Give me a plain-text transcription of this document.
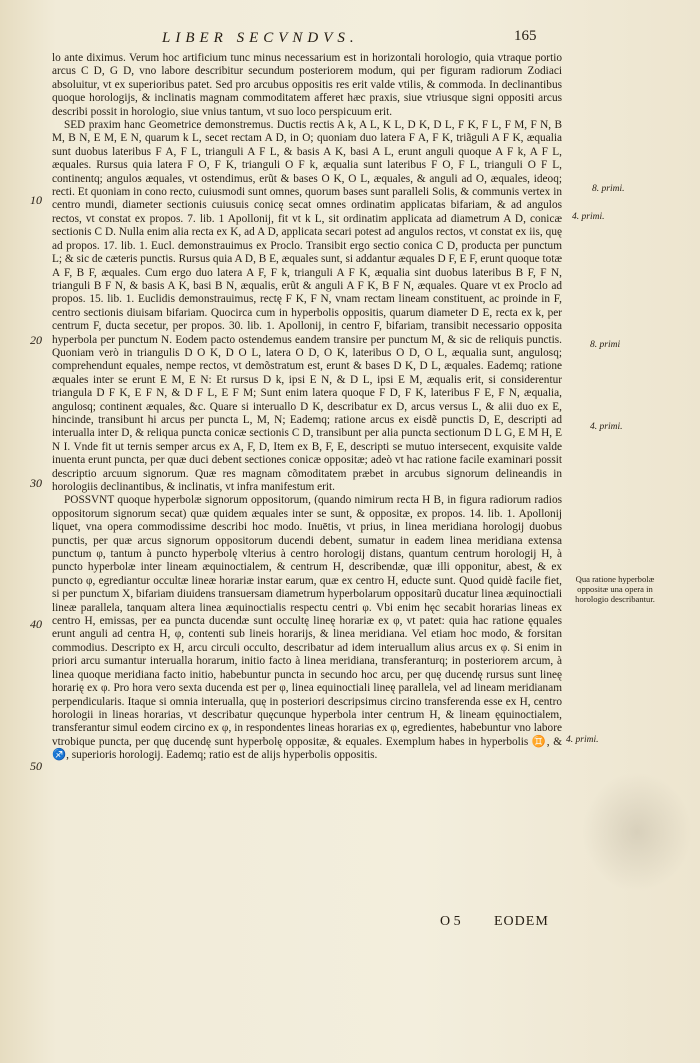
LIBER SECVNDVS.	165

lo ante diximus. Verum hoc artificium tunc minus necessarium est in horizontali horologio, quia vtraque portio arcus C D, G D, vno labore describitur secundum posteriorem modum, qui per figuram radiorum Zodiaci absoluitur, vt ex superioribus patet. Sed pro arcubus oppositis res erit valde vtilis, & commoda. In declinantibus quoque horologijs, & inclinatis magnam commoditatem afferet hæc praxis, siue vtriusque signi oppositi arcus describi possit in horologio, siue vnius tantum, vt suo loco perspicuum erit.

SED praxim hanc Geometrice demonstremus. Ductis rectis A k, A L, K L, D K, D L, F K, F L, F M, F N, B M, B N, E M, E N, quarum k L, secet rectam A D, in O; quoniam duo latera F A, F K, triãguli A F K, æqualia sunt duobus lateribus F A, F L, trianguli A F L, & basis A K, basi A L, erunt anguli quoque A F k, A F L, æquales. Rursus quia latera F O, F K, trianguli O F k, æqualia sunt lateribus F O, F L, trianguli O F L, continentq; angulos æquales, vt ostendimus, erũt & bases O K, O L, æquales, & anguli ad O, æquales, ideoq; recti. Et quoniam in cono recto, cuiusmodi sunt omnes, quorum bases sunt paralleli Solis, & communis vertex in centro mundi, diameter sectionis cuiusuis conicę secat omnes ordinatim applicatas bifariam, & ad angulos rectos, vt constat ex propos. 7. lib. 1 Apollonij, fit vt k L, sit ordinatim applicata ad diametrum A D, conicæ sectionis C D. Nulla enim alia recta ex K, ad A D, applicata secari potest ad angulos rectos, vt constat ex iis, quę ad propos. 17. lib. 1. Eucl. demonstrauimus ex Proclo. Transibit ergo sectio conica C D, producta per punctum L; & sic de cæteris punctis. Rursus quia A D, B E, æquales sunt, si addantur æquales D F, E F, erunt quoque totæ A F, B F, æquales. Cum ergo duo latera A F, F k, trianguli A F K, æqualia sint duobus lateribus B F, F N, trianguli B F N, & basis A K, basi B N, æqualis, erũt & anguli A F K, B F N, æquales. Quare vt ex Proclo ad propos. 15. lib. 1. Euclidis demonstrauimus, rectę F K, F N, vnam rectam lineam constituent, ac proinde in F, centro sectionis diuisam bifariam. Quocirca cum in hyperbolis oppositis, quarum diameter D E, recta ex k, per centrum F, ducta secetur, per propos. 30. lib. 1. Apollonij, in centro F, bifariam, transibit necessario opposita hyperbola per punctum N. Eodem pacto ostendemus eandem transire per punctum M, & sic de reliquis punctis. Quoniam verò in triangulis D O K, D O L, latera O D, O K, lateribus O D, O L, æqualia sunt, angulosq; comprehendunt equales, nempe rectos, vt demõstratum est, erunt & bases D K, D L, æquales. Eademq; ratione æquales inter se erunt E M, E N: Et rursus D k, ipsi E N, & D L, ipsi E M, æqualis erit, si considerentur triangula D F K, E F N, & D F L, E F M; Sunt enim latera quoque F D, F K, lateribus F E, F N, æqualia, angulosq; continent æquales, &c. Quare si interuallo D K, describatur ex D, arcus versus L, & alii duo ex E, hincinde, transibunt hi arcus per puncta L, M, N; Eademq; ratione arcus ex eisdẽ punctis D, E, descripti ad interualla inter D, & reliqua puncta conicæ sectionis C D, transibunt per alia puncta sectionum D L G, E M H, E N I. Vnde fit ut ternis semper arcus ex A, F, D, Item ex B, F, E, descripti se mutuo intersecent, exquisite valde inuenta erunt puncta, per quæ duci debent sectiones conicæ oppositæ; adeò vt hac ratione facile examinari possit descriptio arcuum signorum. Quæ res magnam cõmoditatem præbet in arcubus signorum delineandis in horologiis declinantibus, & inclinatis, vt infra manifestum erit.

POSSVNT quoque hyperbolæ signorum oppositorum, (quando nimirum recta H B, in figura radiorum radios oppositorum signorum secat) quæ quidem æquales inter se sunt, & oppositæ, ex propos. 14. lib. 1. Apollonij liquet, vna opera commodissime describi hoc modo. Inuētis, vt prius, in linea meridiana horologij duobus punctis, per quæ arcus signorum oppositorum ducendi debent, sumatur in eadem linea meridiana extensa punctum φ, tantum à puncto hyperbolę vlterius à centro horologij distans, quantum centrum horologij H, à puncto hyperbolæ inter lineam æquinoctialem, & centrum H, describendæ, quæ illi opponitur, abest, & ex puncto φ, egrediantur occultæ lineæ horariæ instar earum, quæ ex centro H, educte sunt. Quod quidè facile fiet, si per punctum X, bifariam diuidens transuersam diametrum hyperbolarum oppositarũ ducatur linea æquinoctiali lineæ parallela, tanquam altera linea æquinoctialis respectu centri φ. Vbi enim hęc secabit horarias lineas ex centro H, emissas, per ea puncta ducendæ sunt occultę lineę horariæ ex φ, vt patet: quia hac ratione ęquales erunt anguli ad centra H, φ, contenti sub lineis horarijs, & linea meridiana. Vel etiam hoc modo, & forsitan commodius. Descripto ex H, arcu circuli occulto, describatur ad idem interuallum alius arcus ex φ. Si enim in priori arcu sumantur interualla horarum, initio facto à linea meridiana, transferanturq; in posteriorem arcum, à linea quoque meridiana facto initio, habebuntur puncta in secundo hoc arcu, per quę ducendę rursus sunt lineę horarię ex φ. Pro hora vero sexta ducenda est per φ, linea equinoctiali lineę parallela, vel ad lineam meridianam perpendicularis. Itaque si omnia interualla, quę in posteriori descripsimus circino transferenda esse ex H, centro horologii in lineas horarias, vt describatur quęcunque hyperbola inter centrum H, & lineam ęquinoctialem, transferantur simul eodem circino ex φ, in respondentes lineas horarias ex φ, egredientes, habebuntur vno labore vtrobique puncta, per quę ducendę sunt hyperbolę oppositæ, & equales. Exemplum habes in hyperbolis ♊, & ♐, superioris horologij. Eademq; ratio est de alijs hyperbolis oppositis.

10
20
30
40
50
8. primi.
4. primi.
8. primi
4. primi.
Qua ratione hyperbolæ oppositæ una opera in horologio describantur.
4. primi.
O 5 EODEM
